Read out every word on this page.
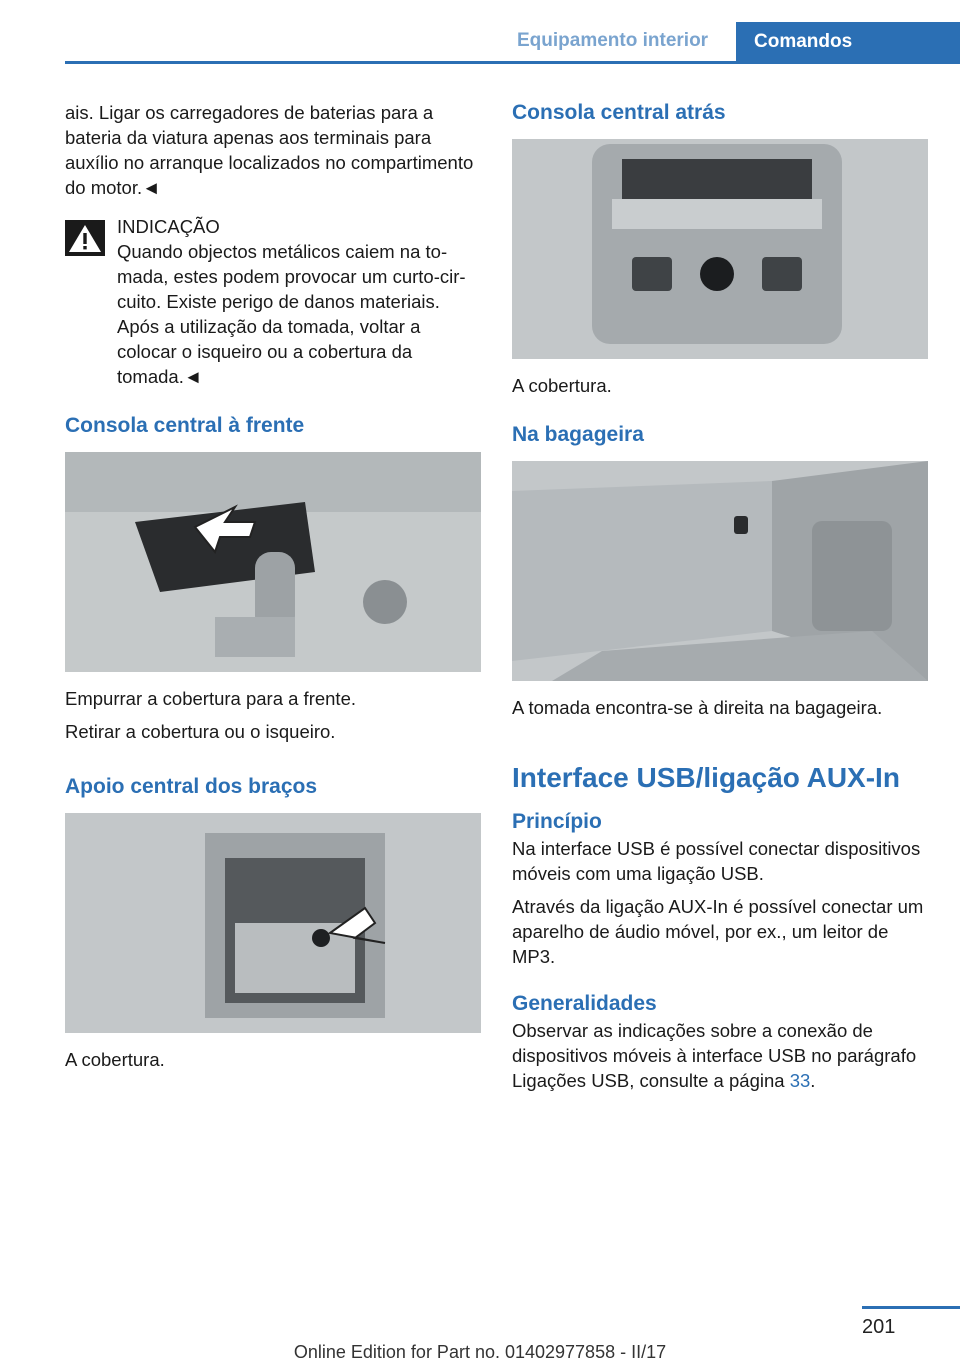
Equipamento interior	Comandos

ais. Ligar os carregadores de baterias para a bateria da viatura apenas aos terminais para auxílio no arranque localizados no compartimento do motor.◄

INDICAÇÃO

Quando objectos metálicos caiem na tomada, estes podem provocar um curto-circuito. Existe perigo de danos materiais. Após a utilização da tomada, voltar a colocar o isqueiro ou a cobertura da tomada.◄

Consola central à frente

Empurrar a cobertura para a frente.

Retirar a cobertura ou o isqueiro.

Apoio central dos braços

A cobertura.

Consola central atrás

A cobertura.

Na bagageira

A tomada encontra-se à direita na bagageira.

Interface USB/ligação AUX-In
Princípio

Na interface USB é possível conectar dispositivos móveis com uma ligação USB.

Através da ligação AUX-In é possível conectar um aparelho de áudio móvel, por ex., um leitor de MP3.

Generalidades

Observar as indicações sobre a conexão de dispositivos móveis à interface USB no parágrafo Ligações USB, consulte a página 33.

201
Online Edition for Part no. 01402977858 - II/17
